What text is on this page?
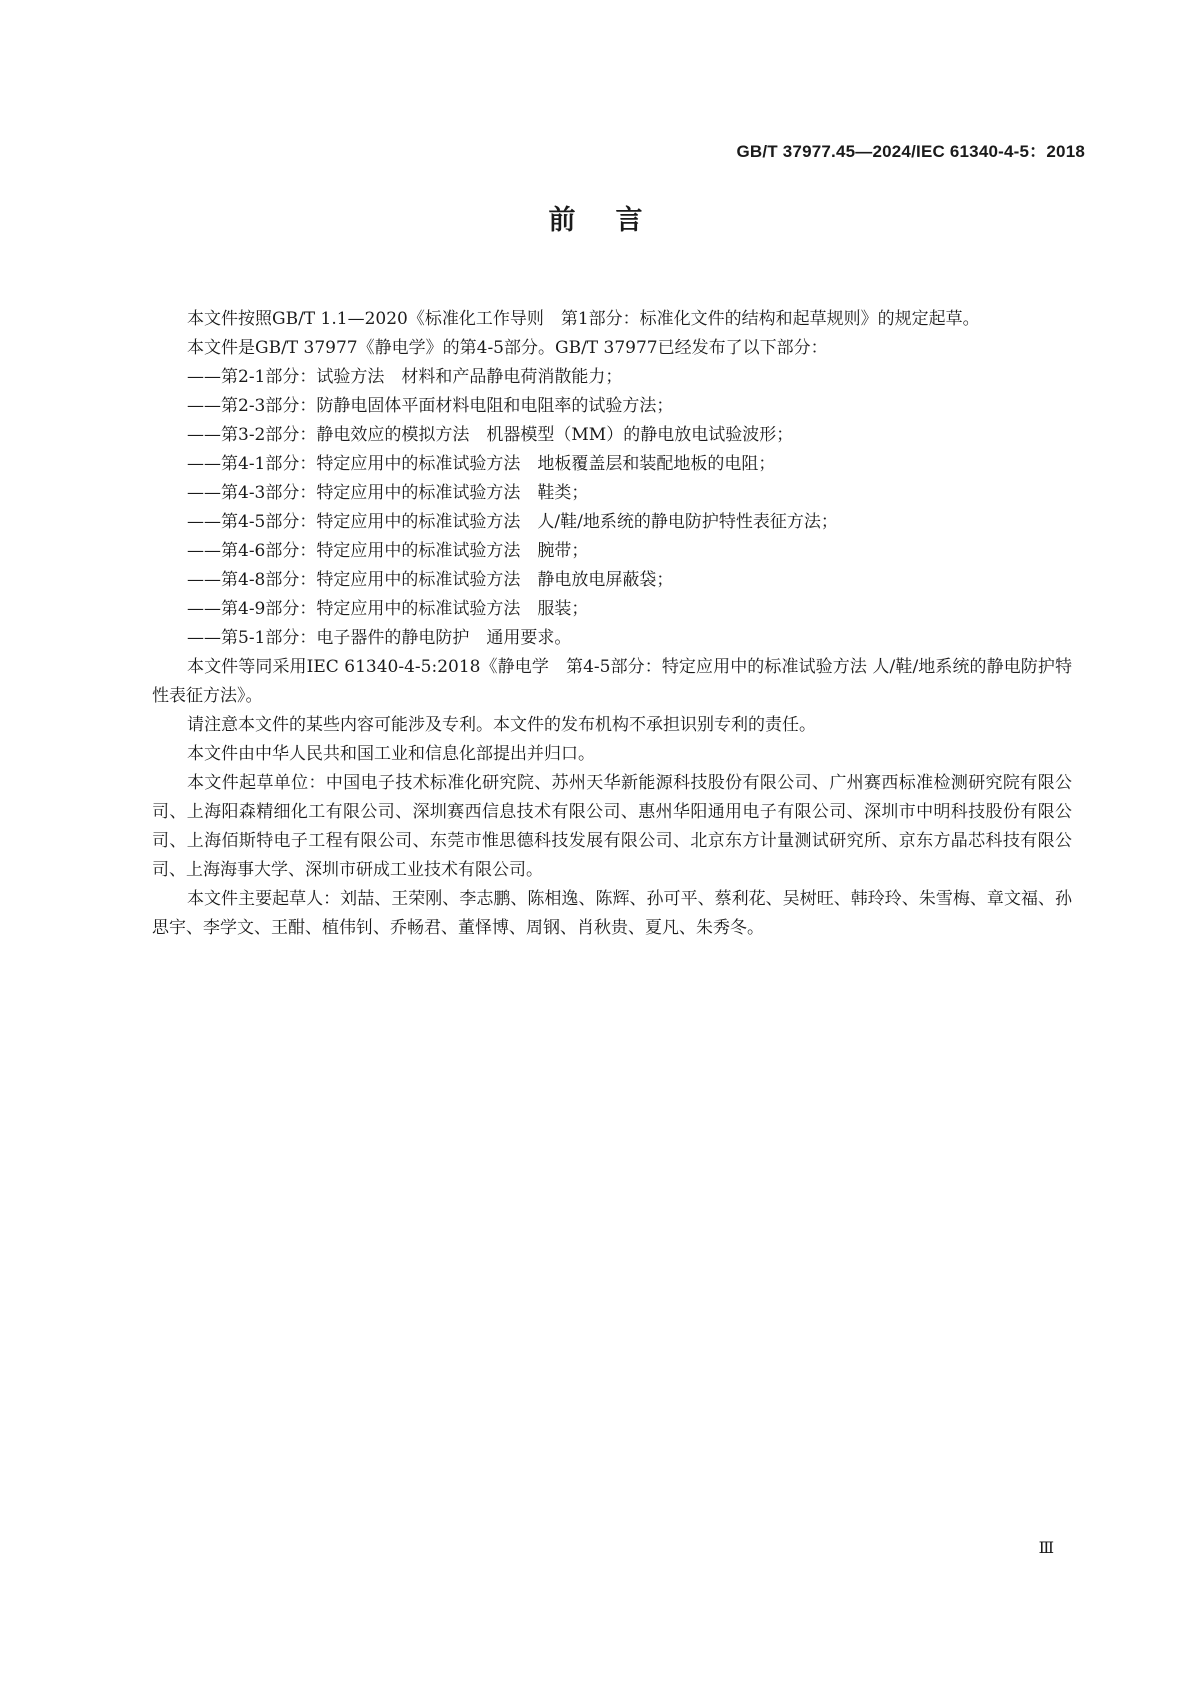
GB/T 37977.45—2024/IEC 61340-4-5：2018
前言

本文件按照GB/T 1.1—2020《标准化工作导则　第1部分：标准化文件的结构和起草规则》的规定起草。

本文件是GB/T 37977《静电学》的第4-5部分。GB/T 37977已经发布了以下部分：

——第2-1部分：试验方法　材料和产品静电荷消散能力；

——第2-3部分：防静电固体平面材料电阻和电阻率的试验方法；

——第3-2部分：静电效应的模拟方法　机器模型（MM）的静电放电试验波形；

——第4-1部分：特定应用中的标准试验方法　地板覆盖层和装配地板的电阻；

——第4-3部分：特定应用中的标准试验方法　鞋类；

——第4-5部分：特定应用中的标准试验方法　人/鞋/地系统的静电防护特性表征方法；

——第4-6部分：特定应用中的标准试验方法　腕带；

——第4-8部分：特定应用中的标准试验方法　静电放电屏蔽袋；

——第4-9部分：特定应用中的标准试验方法　服装；

——第5-1部分：电子器件的静电防护　通用要求。

本文件等同采用IEC 61340-4-5:2018《静电学　第4-5部分：特定应用中的标准试验方法 人/鞋/地系统的静电防护特性表征方法》。

请注意本文件的某些内容可能涉及专利。本文件的发布机构不承担识别专利的责任。

本文件由中华人民共和国工业和信息化部提出并归口。

本文件起草单位：中国电子技术标准化研究院、苏州天华新能源科技股份有限公司、广州赛西标准检测研究院有限公司、上海阳森精细化工有限公司、深圳赛西信息技术有限公司、惠州华阳通用电子有限公司、深圳市中明科技股份有限公司、上海佰斯特电子工程有限公司、东莞市惟思德科技发展有限公司、北京东方计量测试研究所、京东方晶芯科技有限公司、上海海事大学、深圳市研成工业技术有限公司。

本文件主要起草人：刘喆、王荣刚、李志鹏、陈相逸、陈辉、孙可平、蔡利花、吴树旺、韩玲玲、朱雪梅、章文福、孙思宇、李学文、王酣、植伟钊、乔畅君、董怿博、周钢、肖秋贵、夏凡、朱秀冬。

Ⅲ
